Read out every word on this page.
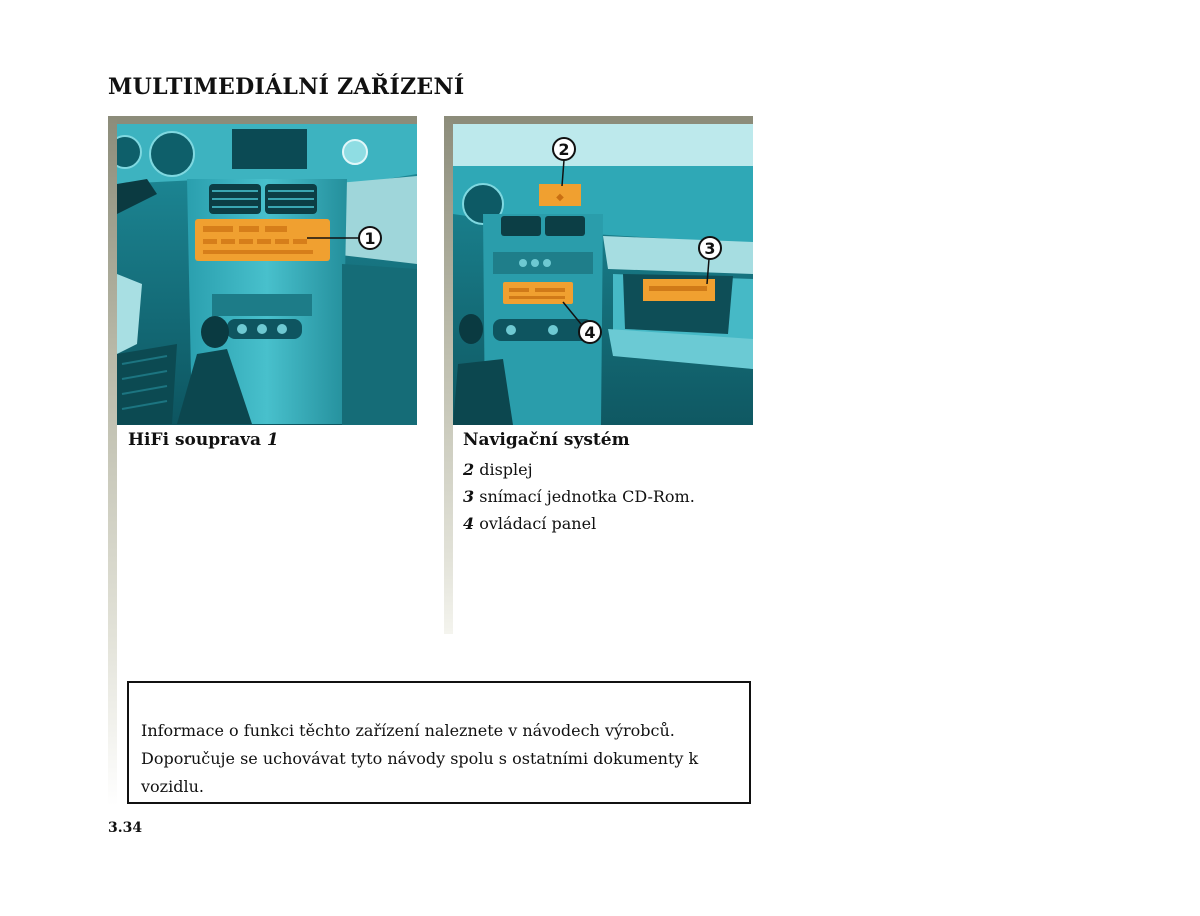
MULTIMEDIÁLNÍ ZAŘÍZENÍ
1
◆
2
3
4
HiFi souprava 1	Navigační systém
2 displej
3 snímací jednotka CD-Rom.
4 ovládací panel

Informace o funkci těchto zařízení naleznete v návodech výrobců.
Doporučuje se uchovávat tyto návody spolu s ostatními dokumenty k vozidlu.

3.34
